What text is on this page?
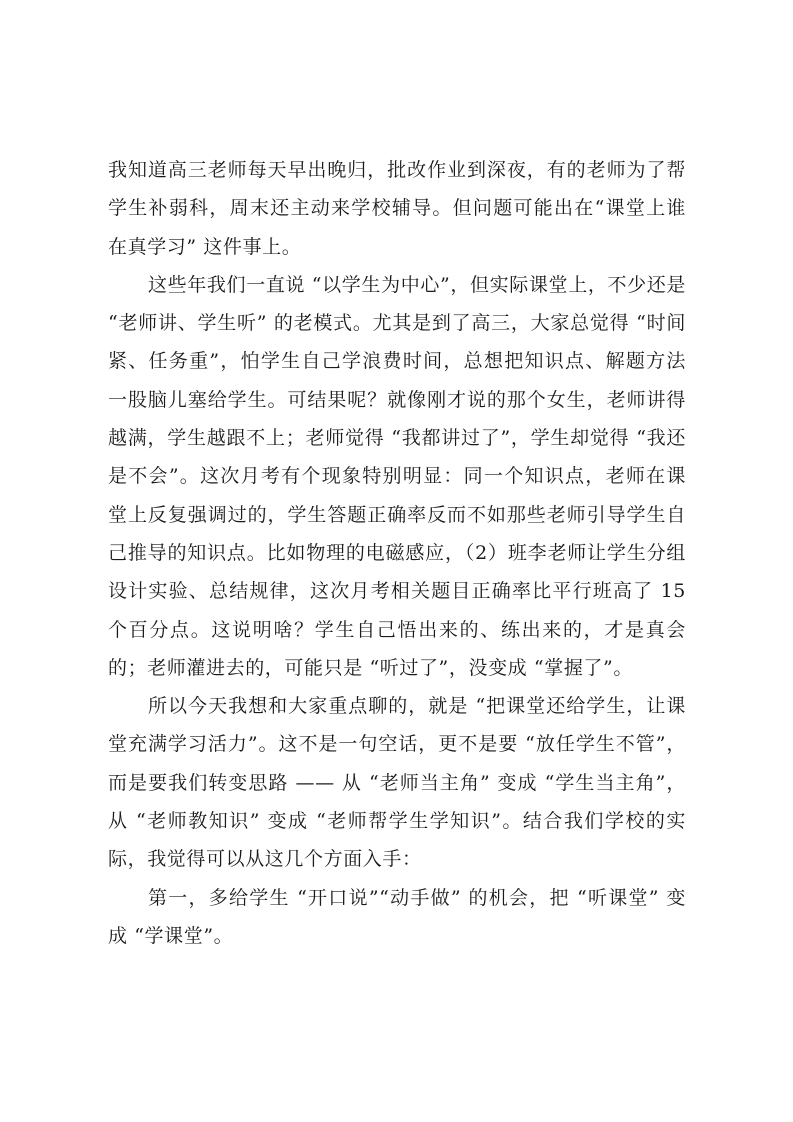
我知道高三老师每天早出晚归，批改作业到深夜，有的老师为了帮学生补弱科，周末还主动来学校辅导。但问题可能出在“课堂上谁在真学习” 这件事上。

这些年我们一直说 “以学生为中心”，但实际课堂上，不少还是 “老师讲、学生听” 的老模式。尤其是到了高三，大家总觉得 “时间紧、任务重”，怕学生自己学浪费时间，总想把知识点、解题方法一股脑儿塞给学生。可结果呢？就像刚才说的那个女生，老师讲得越满，学生越跟不上；老师觉得 “我都讲过了”，学生却觉得 “我还是不会”。这次月考有个现象特别明显：同一个知识点，老师在课堂上反复强调过的，学生答题正确率反而不如那些老师引导学生自己推导的知识点。比如物理的电磁感应，（2）班李老师让学生分组设计实验、总结规律，这次月考相关题目正确率比平行班高了 15 个百分点。这说明啥？学生自己悟出来的、练出来的，才是真会的；老师灌进去的，可能只是 “听过了”，没变成 “掌握了”。

所以今天我想和大家重点聊的，就是 “把课堂还给学生，让课堂充满学习活力”。这不是一句空话，更不是要 “放任学生不管”，而是要我们转变思路 —— 从 “老师当主角” 变成 “学生当主角”，从 “老师教知识” 变成 “老师帮学生学知识”。结合我们学校的实际，我觉得可以从这几个方面入手：

第一，多给学生 “开口说”“动手做” 的机会，把 “听课堂” 变成 “学课堂”。
